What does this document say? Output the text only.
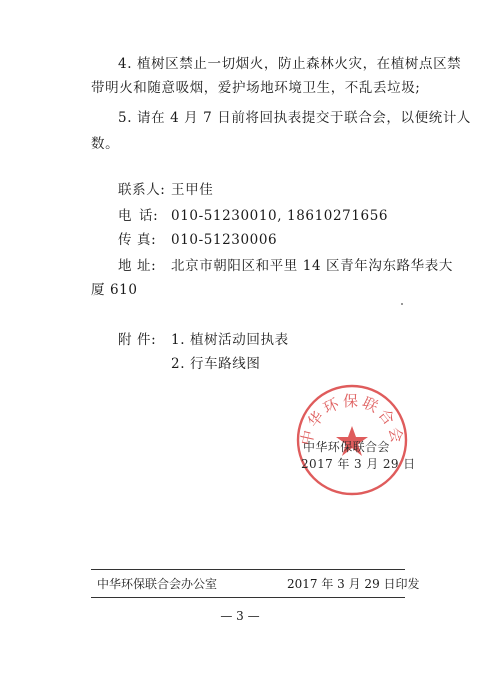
4. 植树区禁止一切烟火，防止森林火灾，在植树点区禁
带明火和随意吸烟，爱护场地环境卫生，不乱丢垃圾;
5. 请在 4 月 7 日前将回执表提交于联合会，以便统计人
数。
联系人: 王甲佳
电 话: 010-51230010, 18610271656
传 真: 010-51230006
地 址: 北京市朝阳区和平里 14 区青年沟东路华表大
厦 610
附 件: 1. 植树活动回执表
2. 行车路线图
中华环保联合会
中华环保联合会
2017 年 3 月 29 日
中华环保联合会办公室	2017 年 3 月 29 日印发
— 3 —
